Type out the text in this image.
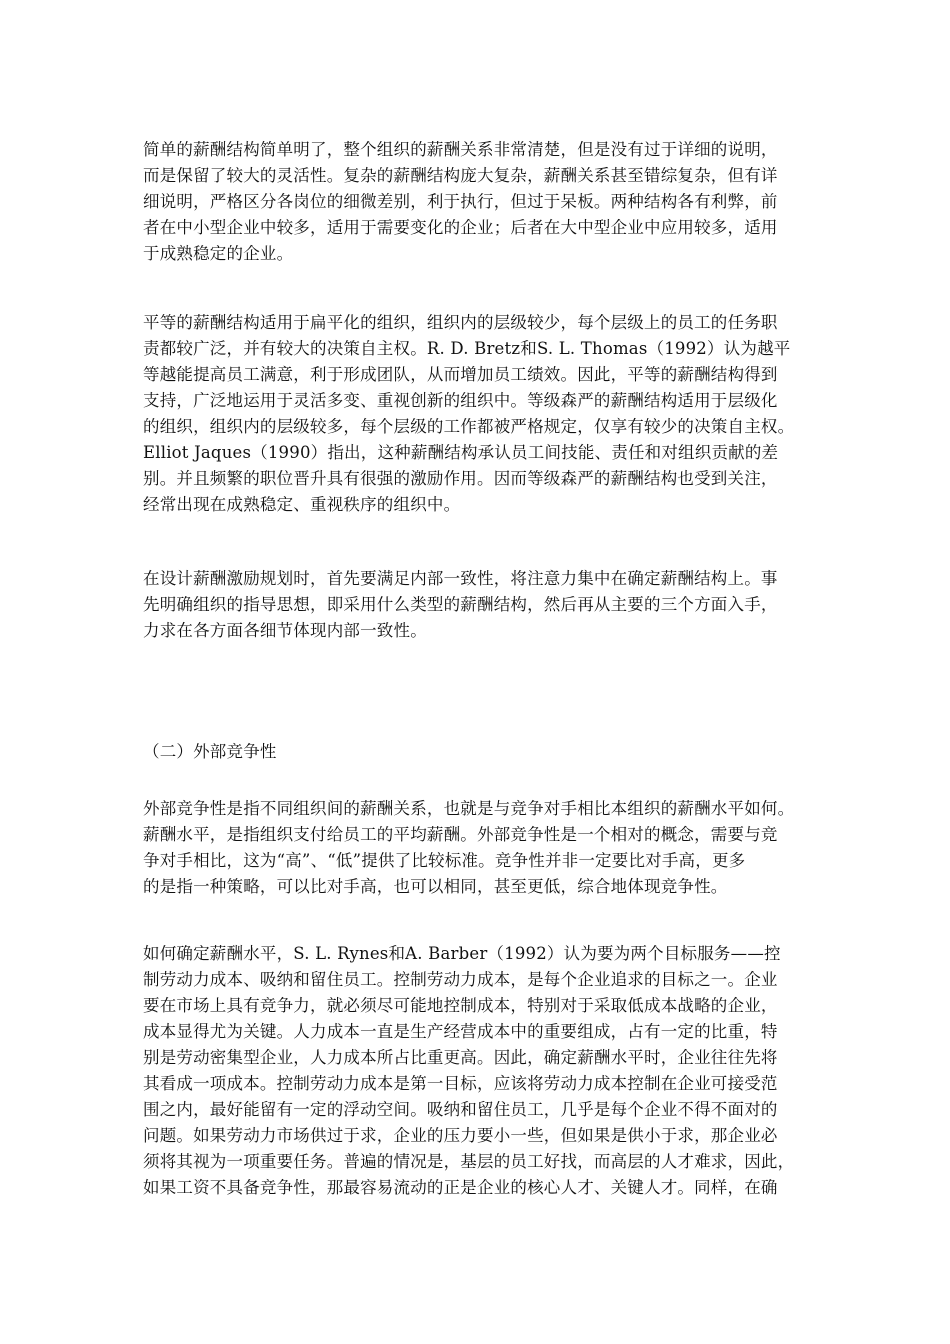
简单的薪酬结构简单明了，整个组织的薪酬关系非常清楚，但是没有过于详细的说明，
而是保留了较大的灵活性。复杂的薪酬结构庞大复杂，薪酬关系甚至错综复杂，但有详
细说明，严格区分各岗位的细微差别，利于执行，但过于呆板。两种结构各有利弊，前
者在中小型企业中较多，适用于需要变化的企业；后者在大中型企业中应用较多，适用
于成熟稳定的企业。
平等的薪酬结构适用于扁平化的组织，组织内的层级较少，每个层级上的员工的任务职
责都较广泛，并有较大的决策自主权。R. D. Bretz和S. L. Thomas（1992）认为越平
等越能提高员工满意，利于形成团队，从而增加员工绩效。因此，平等的薪酬结构得到
支持，广泛地运用于灵活多变、重视创新的组织中。等级森严的薪酬结构适用于层级化
的组织，组织内的层级较多，每个层级的工作都被严格规定，仅享有较少的决策自主权。
Elliot Jaques（1990）指出，这种薪酬结构承认员工间技能、责任和对组织贡献的差
别。并且频繁的职位晋升具有很强的激励作用。因而等级森严的薪酬结构也受到关注，
经常出现在成熟稳定、重视秩序的组织中。
在设计薪酬激励规划时，首先要满足内部一致性，将注意力集中在确定薪酬结构上。事
先明确组织的指导思想，即采用什么类型的薪酬结构，然后再从主要的三个方面入手，
力求在各方面各细节体现内部一致性。
（二）外部竞争性
外部竞争性是指不同组织间的薪酬关系，也就是与竞争对手相比本组织的薪酬水平如何。
薪酬水平，是指组织支付给员工的平均薪酬。外部竞争性是一个相对的概念，需要与竞
争对手相比，这为“高”、“低”提供了比较标准。竞争性并非一定要比对手高，更多
的是指一种策略，可以比对手高，也可以相同，甚至更低，综合地体现竞争性。
如何确定薪酬水平，S. L. Rynes和A. Barber（1992）认为要为两个目标服务——控
制劳动力成本、吸纳和留住员工。控制劳动力成本，是每个企业追求的目标之一。企业
要在市场上具有竞争力，就必须尽可能地控制成本，特别对于采取低成本战略的企业，
成本显得尤为关键。人力成本一直是生产经营成本中的重要组成，占有一定的比重，特
别是劳动密集型企业，人力成本所占比重更高。因此，确定薪酬水平时，企业往往先将
其看成一项成本。控制劳动力成本是第一目标，应该将劳动力成本控制在企业可接受范
围之内，最好能留有一定的浮动空间。吸纳和留住员工，几乎是每个企业不得不面对的
问题。如果劳动力市场供过于求，企业的压力要小一些，但如果是供小于求，那企业必
须将其视为一项重要任务。普遍的情况是，基层的员工好找，而高层的人才难求，因此，
如果工资不具备竞争性，那最容易流动的正是企业的核心人才、关键人才。同样，在确
